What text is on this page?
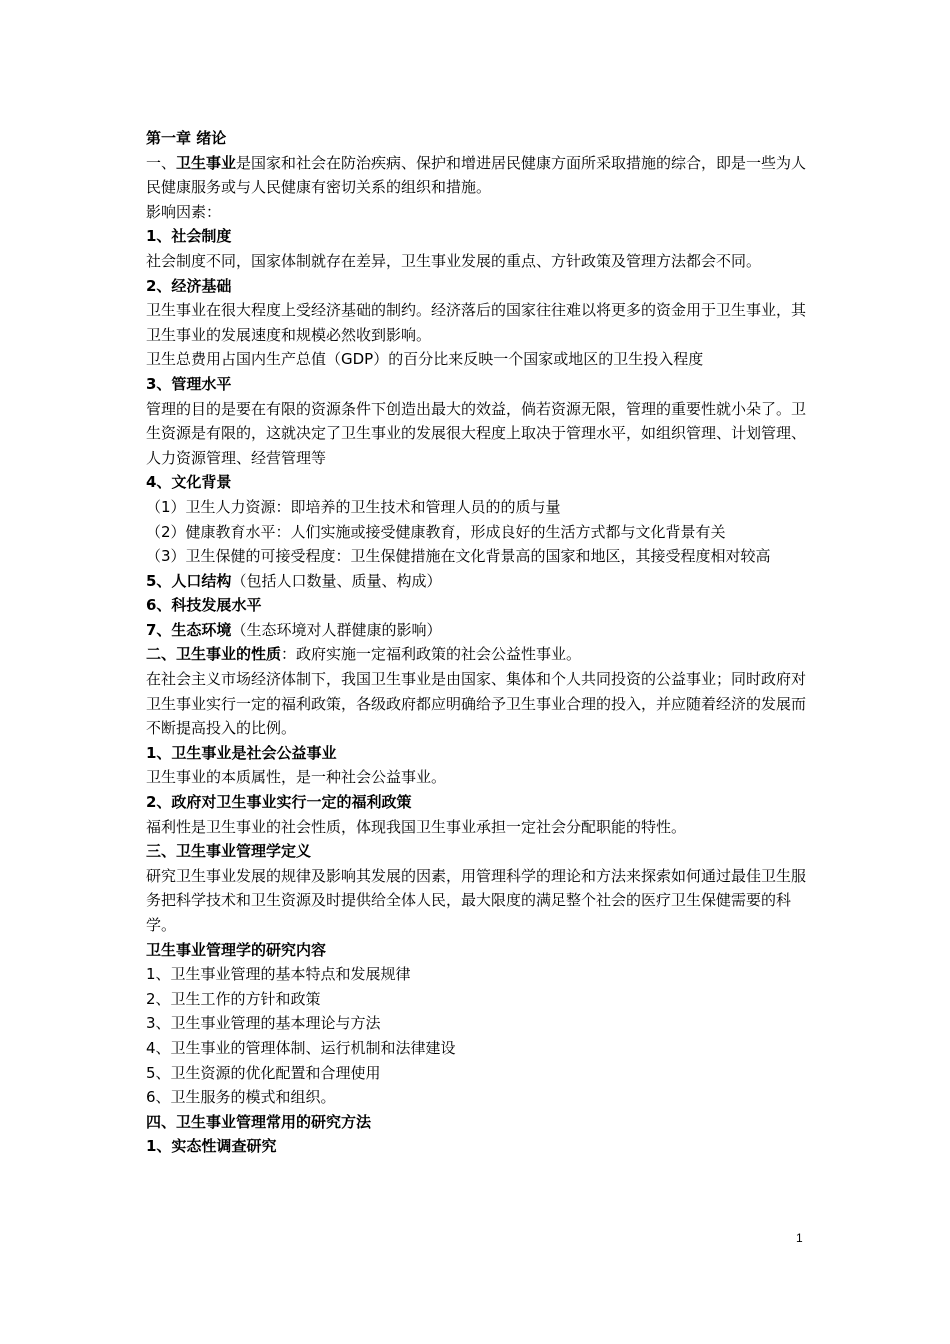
第一章 绪论

一、卫生事业是国家和社会在防治疾病、保护和增进居民健康方面所采取措施的综合，即是一些为人民健康服务或与人民健康有密切关系的组织和措施。

影响因素：

1、社会制度

社会制度不同，国家体制就存在差异，卫生事业发展的重点、方针政策及管理方法都会不同。

2、经济基础

卫生事业在很大程度上受经济基础的制约。经济落后的国家往往难以将更多的资金用于卫生事业，其卫生事业的发展速度和规模必然收到影响。

卫生总费用占国内生产总值（GDP）的百分比来反映一个国家或地区的卫生投入程度

3、管理水平

管理的目的是要在有限的资源条件下创造出最大的效益，倘若资源无限，管理的重要性就小朵了。卫生资源是有限的，这就决定了卫生事业的发展很大程度上取决于管理水平，如组织管理、计划管理、人力资源管理、经营管理等

4、文化背景

（1）卫生人力资源：即培养的卫生技术和管理人员的的质与量

（2）健康教育水平：人们实施或接受健康教育，形成良好的生活方式都与文化背景有关

（3）卫生保健的可接受程度：卫生保健措施在文化背景高的国家和地区，其接受程度相对较高

5、人口结构（包括人口数量、质量、构成）

6、科技发展水平

7、生态环境（生态环境对人群健康的影响）

二、卫生事业的性质：政府实施一定福利政策的社会公益性事业。

在社会主义市场经济体制下，我国卫生事业是由国家、集体和个人共同投资的公益事业；同时政府对卫生事业实行一定的福利政策，各级政府都应明确给予卫生事业合理的投入，并应随着经济的发展而不断提高投入的比例。

1、卫生事业是社会公益事业

卫生事业的本质属性，是一种社会公益事业。

2、政府对卫生事业实行一定的福利政策

福利性是卫生事业的社会性质，体现我国卫生事业承担一定社会分配职能的特性。

三、卫生事业管理学定义

研究卫生事业发展的规律及影响其发展的因素，用管理科学的理论和方法来探索如何通过最佳卫生服务把科学技术和卫生资源及时提供给全体人民，最大限度的满足整个社会的医疗卫生保健需要的科学。

卫生事业管理学的研究内容

1、卫生事业管理的基本特点和发展规律

2、卫生工作的方针和政策

3、卫生事业管理的基本理论与方法

4、卫生事业的管理体制、运行机制和法律建设

5、卫生资源的优化配置和合理使用

6、卫生服务的模式和组织。

四、卫生事业管理常用的研究方法

1、实态性调查研究

1
